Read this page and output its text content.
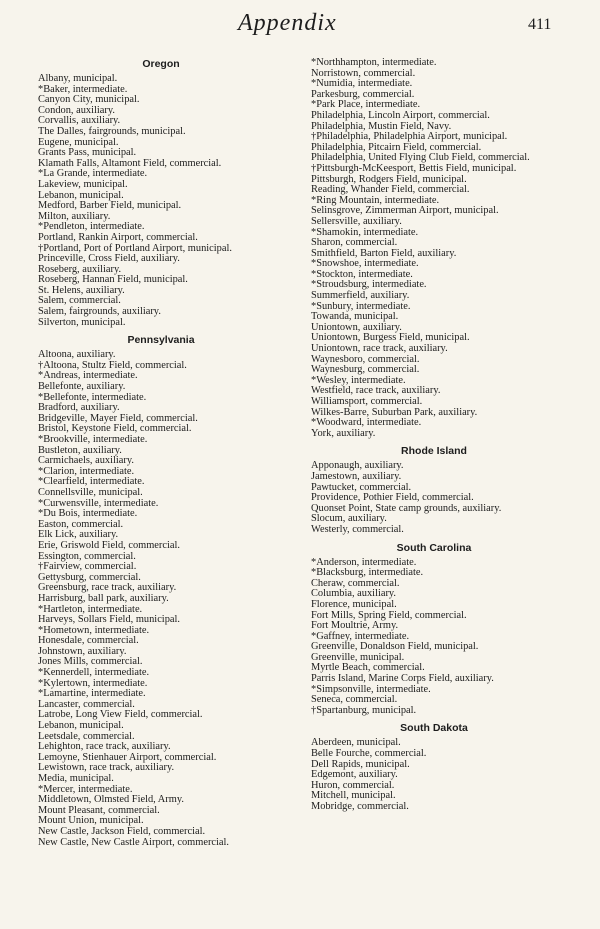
Appendix	411
Oregon
Albany, municipal.
*Baker, intermediate.
Canyon City, municipal.
Condon, auxiliary.
Corvallis, auxiliary.
The Dalles, fairgrounds, municipal.
Eugene, municipal.
Grants Pass, municipal.
Klamath Falls, Altamont Field, commercial.
*La Grande, intermediate.
Lakeview, municipal.
Lebanon, municipal.
Medford, Barber Field, municipal.
Milton, auxiliary.
*Pendleton, intermediate.
Portland, Rankin Airport, commercial.
†Portland, Port of Portland Airport, municipal.
Princeville, Cross Field, auxiliary.
Roseberg, auxiliary.
Roseberg, Hannan Field, municipal.
St. Helens, auxiliary.
Salem, commercial.
Salem, fairgrounds, auxiliary.
Silverton, municipal.
Pennsylvania
Altoona, auxiliary.
†Altoona, Stultz Field, commercial.
*Andreas, intermediate.
Bellefonte, auxiliary.
*Bellefonte, intermediate.
Bradford, auxiliary.
Bridgeville, Mayer Field, commercial.
Bristol, Keystone Field, commercial.
*Brookville, intermediate.
Bustleton, auxiliary.
Carmichaels, auxiliary.
*Clarion, intermediate.
*Clearfield, intermediate.
Connellsville, municipal.
*Curwensville, intermediate.
*Du Bois, intermediate.
Easton, commercial.
Elk Lick, auxiliary.
Erie, Griswold Field, commercial.
Essington, commercial.
†Fairview, commercial.
Gettysburg, commercial.
Greensburg, race track, auxiliary.
Harrisburg, ball park, auxiliary.
*Hartleton, intermediate.
Harveys, Sollars Field, municipal.
*Hometown, intermediate.
Honesdale, commercial.
Johnstown, auxiliary.
Jones Mills, commercial.
*Kennerdell, intermediate.
*Kylertown, intermediate.
*Lamartine, intermediate.
Lancaster, commercial.
Latrobe, Long View Field, commercial.
Lebanon, municipal.
Leetsdale, commercial.
Lehighton, race track, auxiliary.
Lemoyne, Stienhauer Airport, commercial.
Lewistown, race track, auxiliary.
Media, municipal.
*Mercer, intermediate.
Middletown, Olmsted Field, Army.
Mount Pleasant, commercial.
Mount Union, municipal.
New Castle, Jackson Field, commercial.
New Castle, New Castle Airport, commercial.
*Northhampton, intermediate.
Norristown, commercial.
*Numidia, intermediate.
Parkesburg, commercial.
*Park Place, intermediate.
Philadelphia, Lincoln Airport, commercial.
Philadelphia, Mustin Field, Navy.
†Philadelphia, Philadelphia Airport, municipal.
Philadelphia, Pitcairn Field, commercial.
Philadelphia, United Flying Club Field, commercial.
†Pittsburgh-McKeesport, Bettis Field, municipal.
Pittsburgh, Rodgers Field, municipal.
Reading, Whander Field, commercial.
*Ring Mountain, intermediate.
Selinsgrove, Zimmerman Airport, municipal.
Sellersville, auxiliary.
*Shamokin, intermediate.
Sharon, commercial.
Smithfield, Barton Field, auxiliary.
*Snowshoe, intermediate.
*Stockton, intermediate.
*Stroudsburg, intermediate.
Summerfield, auxiliary.
*Sunbury, intermediate.
Towanda, municipal.
Uniontown, auxiliary.
Uniontown, Burgess Field, municipal.
Uniontown, race track, auxiliary.
Waynesboro, commercial.
Waynesburg, commercial.
*Wesley, intermediate.
Westfield, race track, auxiliary.
Williamsport, commercial.
Wilkes-Barre, Suburban Park, auxiliary.
*Woodward, intermediate.
York, auxiliary.
Rhode Island
Apponaugh, auxiliary.
Jamestown, auxiliary.
Pawtucket, commercial.
Providence, Pothier Field, commercial.
Quonset Point, State camp grounds, auxiliary.
Slocum, auxiliary.
Westerly, commercial.
South Carolina
*Anderson, intermediate.
*Blacksburg, intermediate.
Cheraw, commercial.
Columbia, auxiliary.
Florence, municipal.
Fort Mills, Spring Field, commercial.
Fort Moultrie, Army.
*Gaffney, intermediate.
Greenville, Donaldson Field, municipal.
Greenville, municipal.
Myrtle Beach, commercial.
Parris Island, Marine Corps Field, auxiliary.
*Simpsonville, intermediate.
Seneca, commercial.
†Spartanburg, municipal.
South Dakota
Aberdeen, municipal.
Belle Fourche, commercial.
Dell Rapids, municipal.
Edgemont, auxiliary.
Huron, commercial.
Mitchell, municipal.
Mobridge, commercial.
